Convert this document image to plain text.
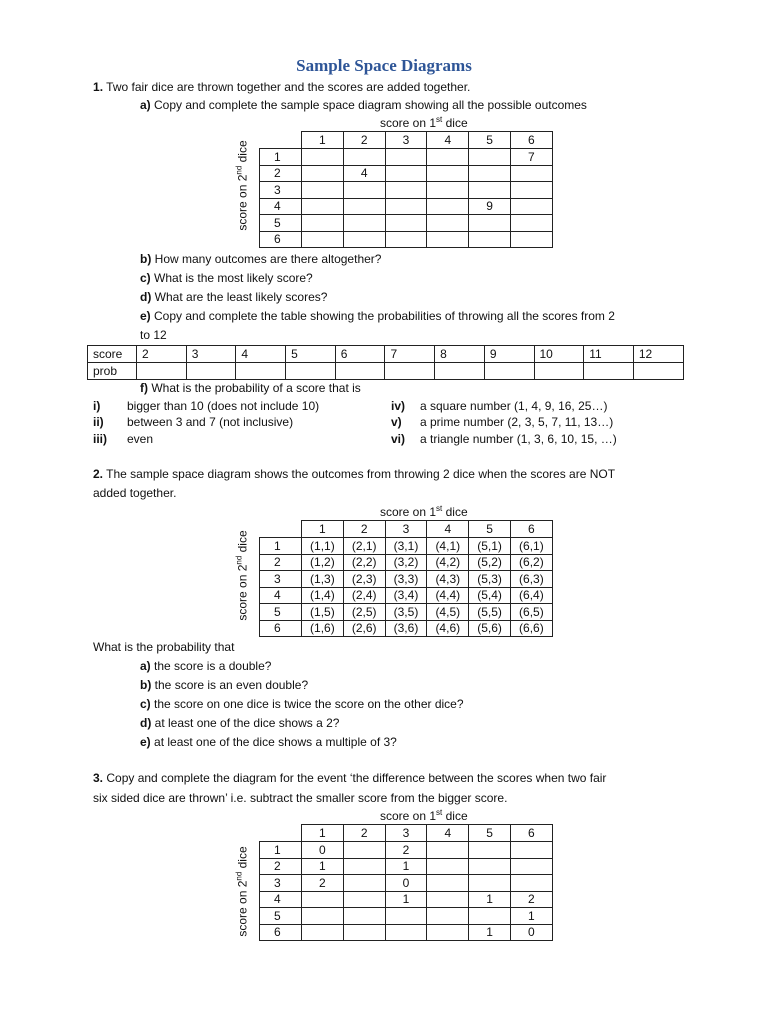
Sample Space Diagrams
1. Two fair dice are thrown together and the scores are added together.
a) Copy and complete the sample space diagram showing all the possible outcomes
score on 1st dice
score on 2nd dice
	1	2	3	4	5	6
1						7
2		4				
3						
4					9	
5						
6						
b) How many outcomes are there altogether?
c) What is the most likely score?
d) What are the least likely scores?
e) Copy and complete the table showing the probabilities of throwing all the scores from 2
to 12
score	2	3	4	5	6	7	8	9	10	11	12
prob											
f) What is the probability of a score that is
i) bigger than 10 (does not include 10)
ii) between 3 and 7 (not inclusive)
iii) even
iv) a square number (1, 4, 9, 16, 25…)
v) a prime number (2, 3, 5, 7, 11, 13…)
vi) a triangle number (1, 3, 6, 10, 15, …)
2. The sample space diagram shows the outcomes from throwing 2 dice when the scores are NOT
added together.
score on 1st dice
score on 2nd dice
	1	2	3	4	5	6
1	(1,1)	(2,1)	(3,1)	(4,1)	(5,1)	(6,1)
2	(1,2)	(2,2)	(3,2)	(4,2)	(5,2)	(6,2)
3	(1,3)	(2,3)	(3,3)	(4,3)	(5,3)	(6,3)
4	(1,4)	(2,4)	(3,4)	(4,4)	(5,4)	(6,4)
5	(1,5)	(2,5)	(3,5)	(4,5)	(5,5)	(6,5)
6	(1,6)	(2,6)	(3,6)	(4,6)	(5,6)	(6,6)
What is the probability that
a) the score is a double?
b) the score is an even double?
c) the score on one dice is twice the score on the other dice?
d) at least one of the dice shows a 2?
e) at least one of the dice shows a multiple of 3?
3. Copy and complete the diagram for the event ‘the difference between the scores when two fair
six sided dice are thrown’ i.e. subtract the smaller score from the bigger score.
score on 1st dice
score on 2nd dice
	1	2	3	4	5	6
1	0		2			
2	1		1			
3	2		0			
4			1		1	2
5						1
6					1	0
